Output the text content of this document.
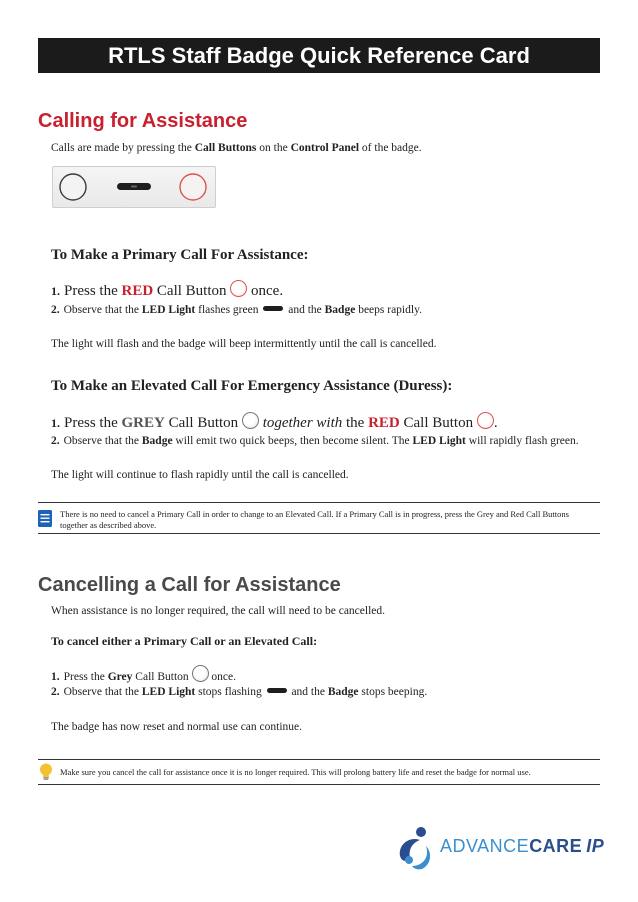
RTLS Staff Badge Quick Reference Card
Calling for Assistance
Calls are made by pressing the Call Buttons on the Control Panel of the badge.
To Make a Primary Call For Assistance:
1. Press the RED Call Button  once.
2. Observe that the LED Light flashes green  and the Badge beeps rapidly.
The light will flash and the badge will beep intermittently until the call is cancelled.
To Make an Elevated Call For Emergency Assistance (Duress):
1. Press the GREY Call Button  together with the RED Call Button .
2. Observe that the Badge will emit two quick beeps, then become silent. The LED Light will rapidly flash green.
The light will continue to flash rapidly until the call is cancelled.
There is no need to cancel a Primary Call in order to change to an Elevated Call. If a Primary Call is in progress, press the Grey and Red Call Buttons together as described above.
Cancelling a Call for Assistance
When assistance is no longer required, the call will need to be cancelled.
To cancel either a Primary Call or an Elevated Call:
1. Press the Grey Call Button  once.
2. Observe that the LED Light stops flashing  and the Badge stops beeping.
The badge has now reset and normal use can continue.
Make sure you cancel the call for assistance once it is no longer required. This will prolong battery life and reset the badge for normal use.
ADVANCECARE IP
